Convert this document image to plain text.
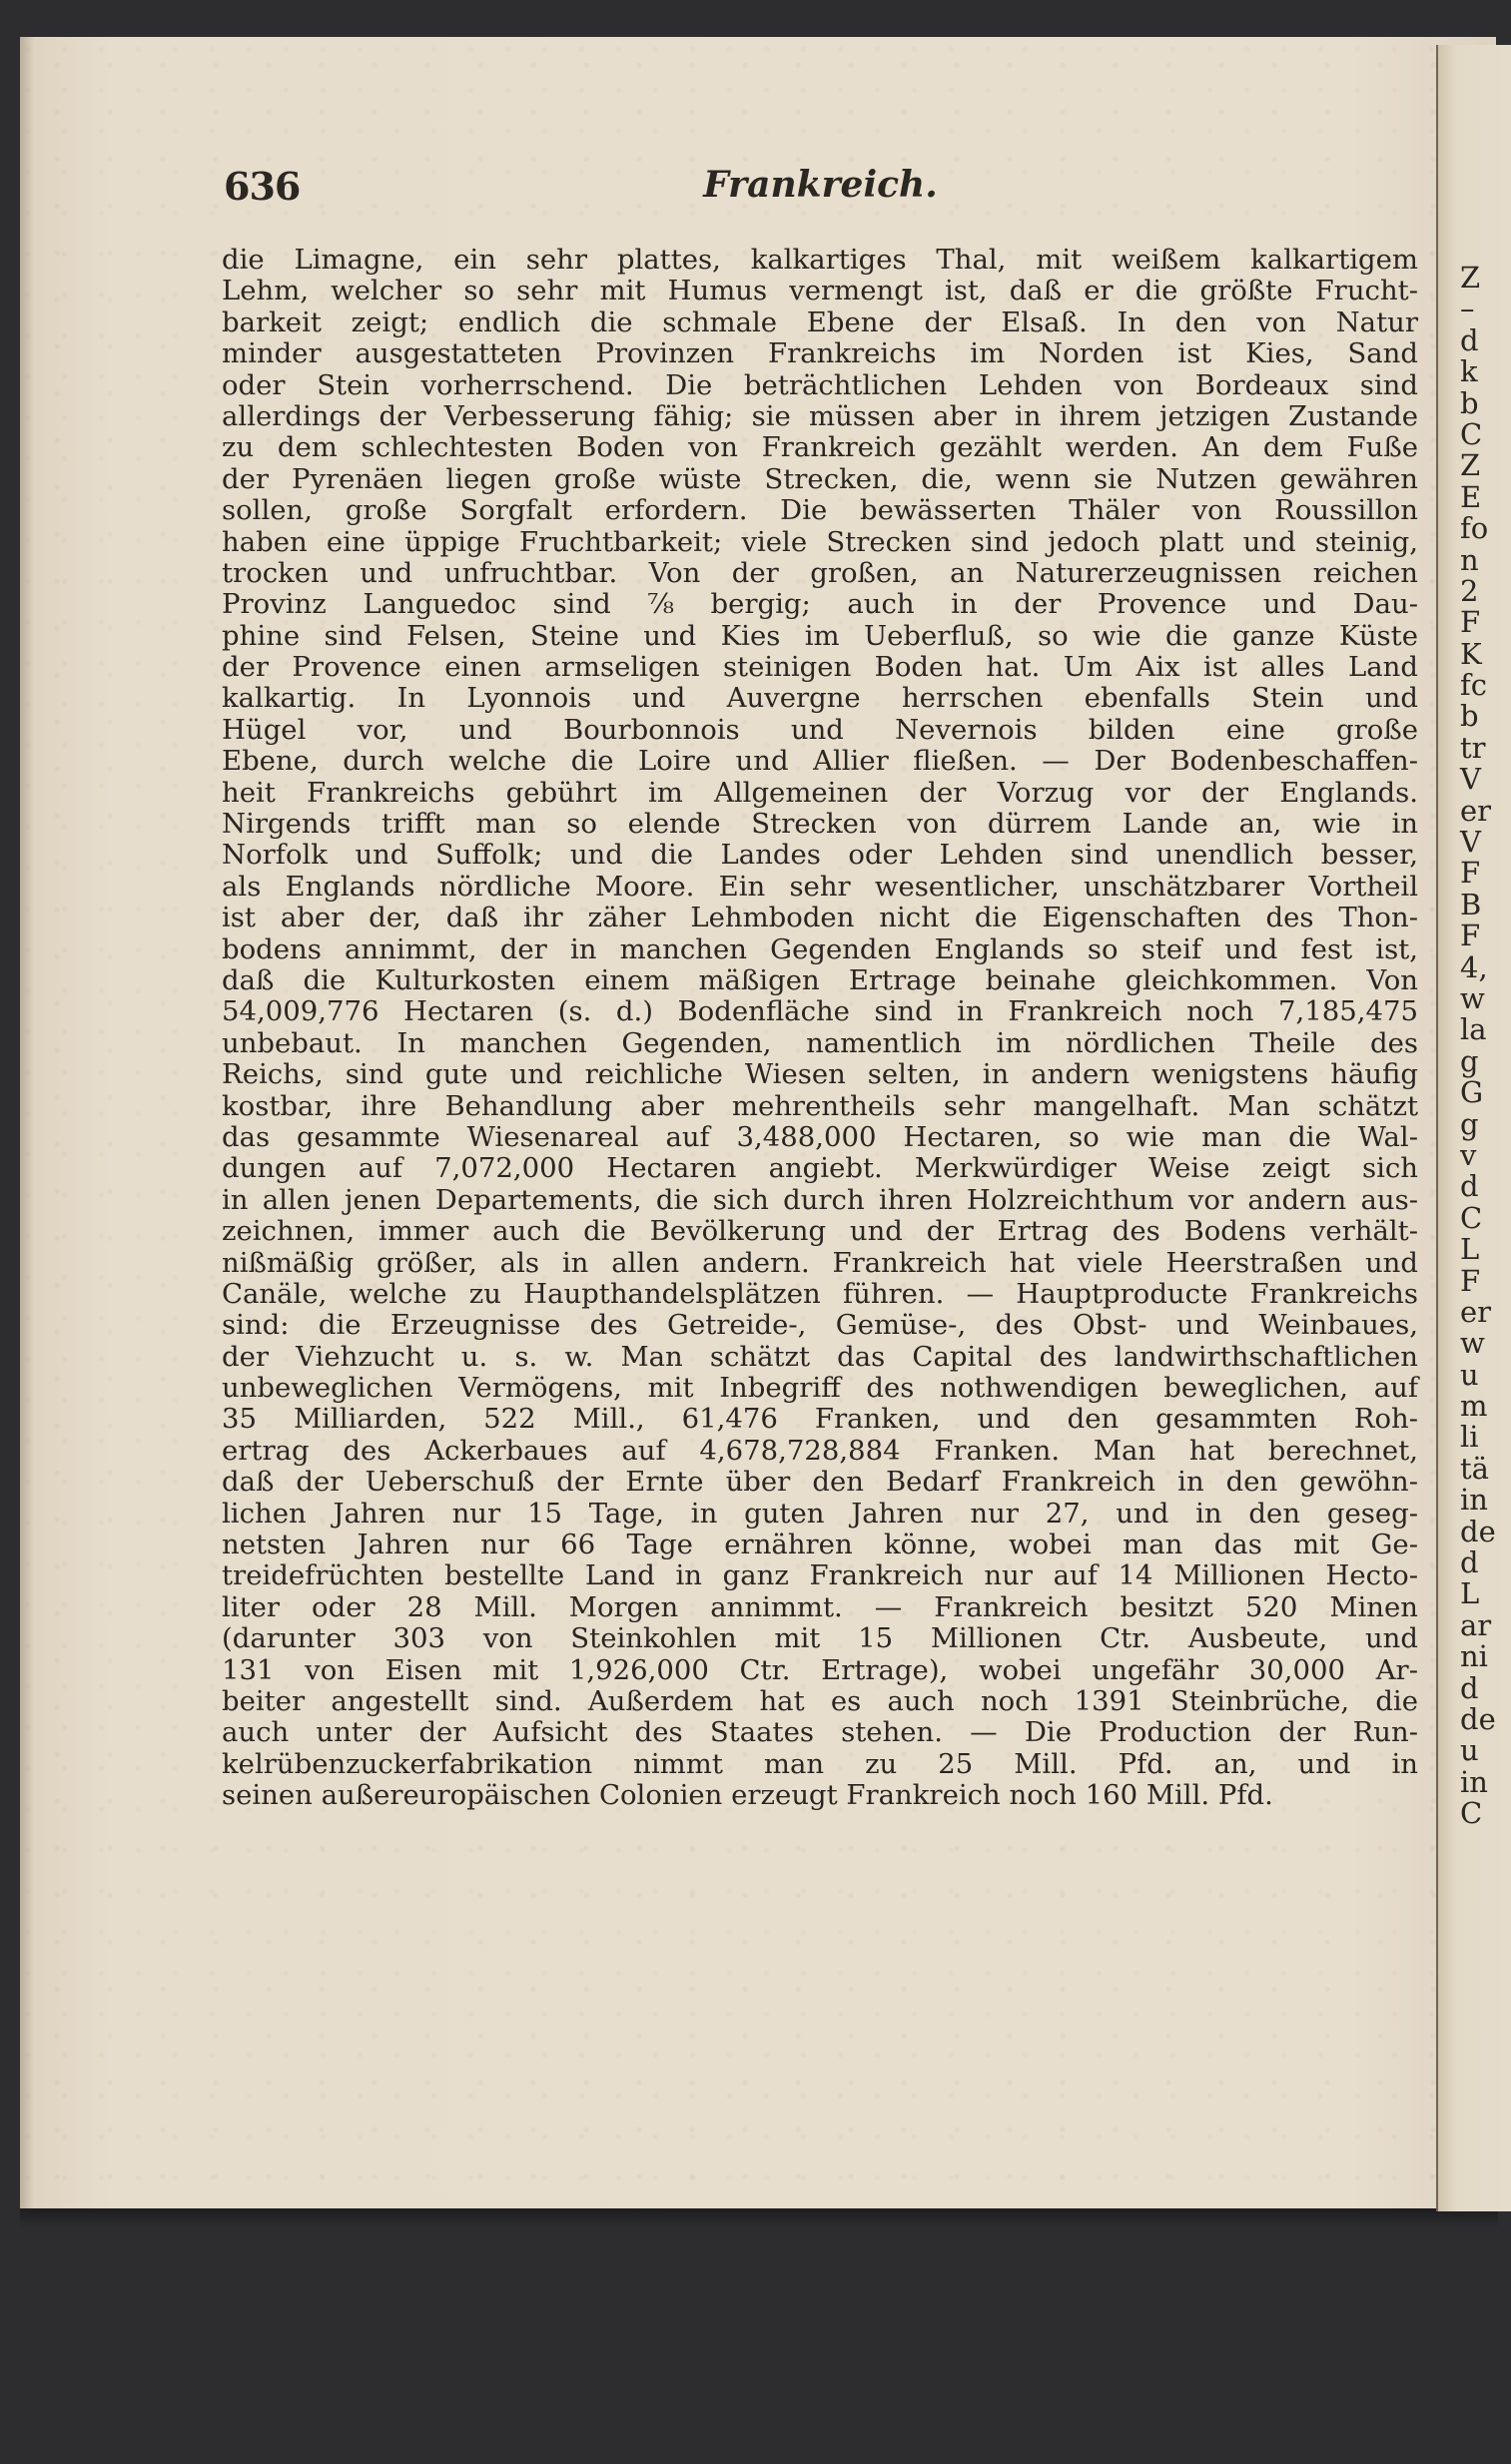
Z
–
d
k
b
C
Z
E
fo
n
2
F
K
fc
b
tr
V
er
V
F
B
F
4,
w
la
g
G
g
v
d
C
L
F
er
w
u
m
li
tä
in
de
d
L
ar
ni
d
de
u
in
C
636	Frankreich.
die Limagne, ein sehr plattes, kalkartiges Thal, mit weißem kalkartigem
Lehm, welcher so sehr mit Humus vermengt ist, daß er die größte Frucht-
barkeit zeigt; endlich die schmale Ebene der Elsaß. In den von Natur
minder ausgestatteten Provinzen Frankreichs im Norden ist Kies, Sand
oder Stein vorherrschend. Die beträchtlichen Lehden von Bordeaux sind
allerdings der Verbesserung fähig; sie müssen aber in ihrem jetzigen Zustande
zu dem schlechtesten Boden von Frankreich gezählt werden. An dem Fuße
der Pyrenäen liegen große wüste Strecken, die, wenn sie Nutzen gewähren
sollen, große Sorgfalt erfordern. Die bewässerten Thäler von Roussillon
haben eine üppige Fruchtbarkeit; viele Strecken sind jedoch platt und steinig,
trocken und unfruchtbar. Von der großen, an Naturerzeugnissen reichen
Provinz Languedoc sind ⅞ bergig; auch in der Provence und Dau-
phine sind Felsen, Steine und Kies im Ueberfluß, so wie die ganze Küste
der Provence einen armseligen steinigen Boden hat. Um Aix ist alles Land
kalkartig. In Lyonnois und Auvergne herrschen ebenfalls Stein und
Hügel vor, und Bourbonnois und Nevernois bilden eine große
Ebene, durch welche die Loire und Allier fließen. — Der Bodenbeschaffen-
heit Frankreichs gebührt im Allgemeinen der Vorzug vor der Englands.
Nirgends trifft man so elende Strecken von dürrem Lande an, wie in
Norfolk und Suffolk; und die Landes oder Lehden sind unendlich besser,
als Englands nördliche Moore. Ein sehr wesentlicher, unschätzbarer Vortheil
ist aber der, daß ihr zäher Lehmboden nicht die Eigenschaften des Thon-
bodens annimmt, der in manchen Gegenden Englands so steif und fest ist,
daß die Kulturkosten einem mäßigen Ertrage beinahe gleichkommen. Von
54,009,776 Hectaren (s. d.) Bodenfläche sind in Frankreich noch 7,185,475
unbebaut. In manchen Gegenden, namentlich im nördlichen Theile des
Reichs, sind gute und reichliche Wiesen selten, in andern wenigstens häufig
kostbar, ihre Behandlung aber mehrentheils sehr mangelhaft. Man schätzt
das gesammte Wiesenareal auf 3,488,000 Hectaren, so wie man die Wal-
dungen auf 7,072,000 Hectaren angiebt. Merkwürdiger Weise zeigt sich
in allen jenen Departements, die sich durch ihren Holzreichthum vor andern aus-
zeichnen, immer auch die Bevölkerung und der Ertrag des Bodens verhält-
nißmäßig größer, als in allen andern. Frankreich hat viele Heerstraßen und
Canäle, welche zu Haupthandelsplätzen führen. — Hauptproducte Frankreichs
sind: die Erzeugnisse des Getreide-, Gemüse-, des Obst- und Weinbaues,
der Viehzucht u. s. w. Man schätzt das Capital des landwirthschaftlichen
unbeweglichen Vermögens, mit Inbegriff des nothwendigen beweglichen, auf
35 Milliarden, 522 Mill., 61,476 Franken, und den gesammten Roh-
ertrag des Ackerbaues auf 4,678,728,884 Franken. Man hat berechnet,
daß der Ueberschuß der Ernte über den Bedarf Frankreich in den gewöhn-
lichen Jahren nur 15 Tage, in guten Jahren nur 27, und in den geseg-
netsten Jahren nur 66 Tage ernähren könne, wobei man das mit Ge-
treidefrüchten bestellte Land in ganz Frankreich nur auf 14 Millionen Hecto-
liter oder 28 Mill. Morgen annimmt. — Frankreich besitzt 520 Minen
(darunter 303 von Steinkohlen mit 15 Millionen Ctr. Ausbeute, und
131 von Eisen mit 1,926,000 Ctr. Ertrage), wobei ungefähr 30,000 Ar-
beiter angestellt sind. Außerdem hat es auch noch 1391 Steinbrüche, die
auch unter der Aufsicht des Staates stehen. — Die Production der Run-
kelrübenzuckerfabrikation nimmt man zu 25 Mill. Pfd. an, und in
seinen außereuropäischen Colonien erzeugt Frankreich noch 160 Mill. Pfd.
